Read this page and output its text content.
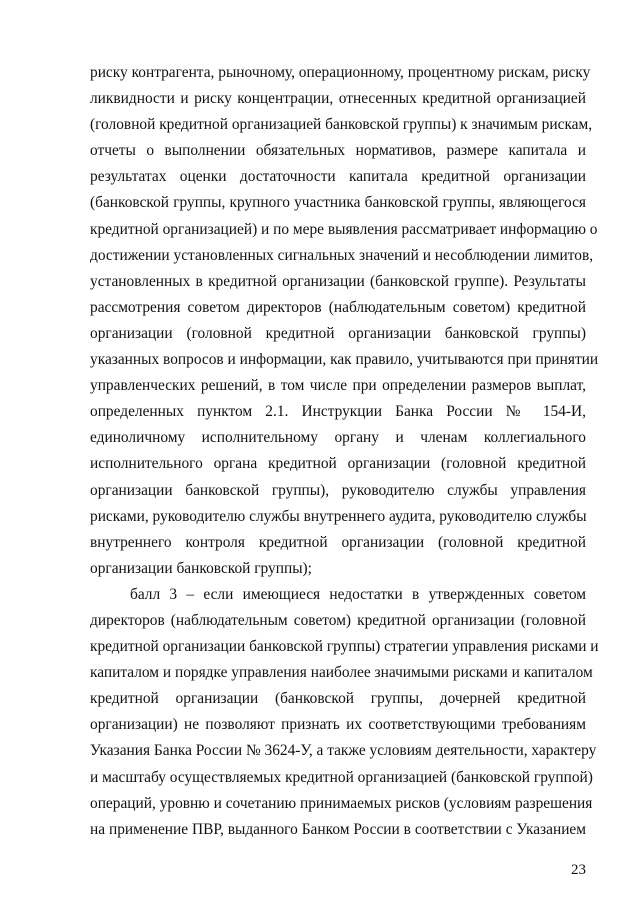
риску контрагента, рыночному, операционному, процентному рискам, риску
ликвидности и риску концентрации, отнесенных кредитной организацией
(головной кредитной организацией банковской группы) к значимым рискам,
отчеты о выполнении обязательных нормативов, размере капитала и
результатах оценки достаточности капитала кредитной организации
(банковской группы, крупного участника банковской группы, являющегося
кредитной организацией) и по мере выявления рассматривает информацию о
достижении установленных сигнальных значений и несоблюдении лимитов,
установленных в кредитной организации (банковской группе). Результаты
рассмотрения советом директоров (наблюдательным советом) кредитной
организации (головной кредитной организации банковской группы)
указанных вопросов и информации, как правило, учитываются при принятии
управленческих решений, в том числе при определении размеров выплат,
определенных пунктом 2.1. Инструкции Банка России № 154-И,
единоличному исполнительному органу и членам коллегиального
исполнительного органа кредитной организации (головной кредитной
организации банковской группы), руководителю службы управления
рисками, руководителю службы внутреннего аудита, руководителю службы
внутреннего контроля кредитной организации (головной кредитной
организации банковской группы);
балл 3 – если имеющиеся недостатки в утвержденных советом
директоров (наблюдательным советом) кредитной организации (головной
кредитной организации банковской группы) стратегии управления рисками и
капиталом и порядке управления наиболее значимыми рисками и капиталом
кредитной организации (банковской группы, дочерней кредитной
организации) не позволяют признать их соответствующими требованиям
Указания Банка России № 3624-У, а также условиям деятельности, характеру
и масштабу осуществляемых кредитной организацией (банковской группой)
операций, уровню и сочетанию принимаемых рисков (условиям разрешения
на применение ПВР, выданного Банком России в соответствии с Указанием
23
